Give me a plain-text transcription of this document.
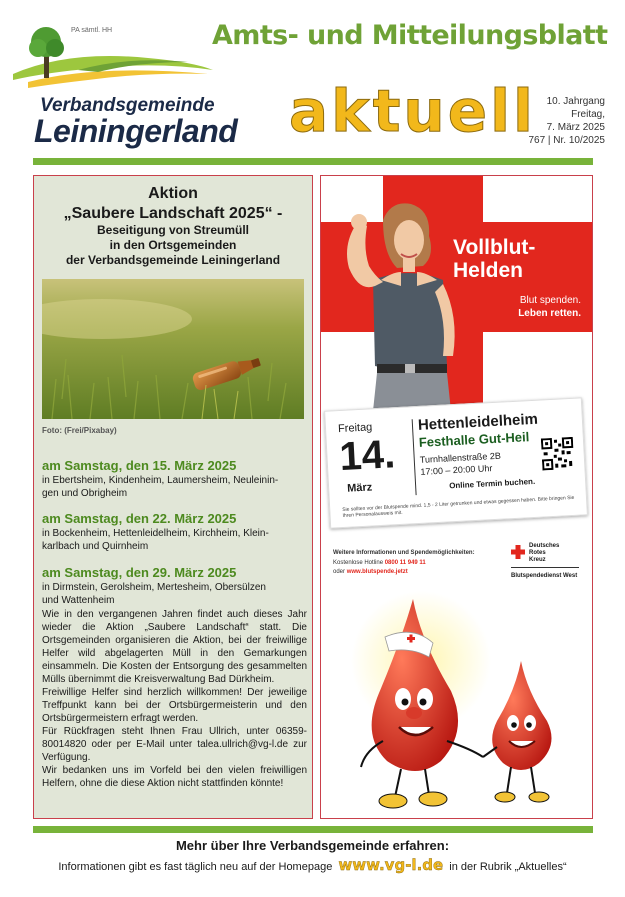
PA sämtl. HH	Amts- und Mitteilungsblatt
Verbandsgemeinde
Leiningerland aktuell	10. Jahrgang
Freitag,
7. März 2025
767 | Nr. 10/2025
Aktion
„Saubere Landschaft 2025“ -
Beseitigung von Streumüll
in den Ortsgemeinden
der Verbandsgemeinde Leiningerland
Foto: (Frei/Pixabay)
am Samstag, den 15. März 2025
in Ebertsheim, Kindenheim, Laumersheim, Neuleinin-
gen und Obrigheim
am Samstag, den 22. März 2025
in Bockenheim, Hettenleidelheim, Kirchheim, Klein-
karlbach und Quirnheim
am Samstag, den 29. März 2025
in Dirmstein, Gerolsheim, Mertesheim, Obersülzen
und Wattenheim

Wie in den vergangenen Jahren findet auch dieses Jahr wieder die Aktion „Saubere Landschaft“ statt. Die Ortsgemeinden organisieren die Aktion, bei der freiwillige Helfer wild abgelagerten Müll in den Gemarkungen einsammeln. Die Kosten der Entsorgung des gesammelten Mülls übernimmt die Kreisverwaltung Bad Dürkheim.

Freiwillige Helfer sind herzlich willkommen! Der jeweilige Treffpunkt kann bei der Ortsbürgermeisterin und den Ortsbürgermeistern erfragt werden.

Für Rückfragen steht Ihnen Frau Ullrich, unter 06359-80014820 oder per E-Mail unter talea.ullrich@vg-l.de zur Verfügung.

Wir bedanken uns im Vorfeld bei den vielen freiwilligen Helfern, ohne die diese Aktion nicht stattfinden könnte!

Vollblut-
Helden
Blut spenden.
Leben retten.
Freitag
14.
März
Hettenleidelheim
Festhalle Gut-Heil
Turnhallenstraße 2B
17:00 – 20:00 Uhr
Online Termin buchen.
Sie sollten vor der Blutspende mind. 1,5 - 2 Liter getrunken und etwas gegessen haben. Bitte bringen Sie Ihren Personalausweis mit.
Weitere Informationen und Spendemöglichkeiten:
Kostenlose Hotline 0800 11 949 11
oder www.blutspende.jetzt
Deutsches
Rotes
Kreuz
Blutspendedienst West
Mehr über Ihre Verbandsgemeinde erfahren:
Informationen gibt es fast täglich neu auf der Homepage www.vg-l.de in der Rubrik „Aktuelles“
